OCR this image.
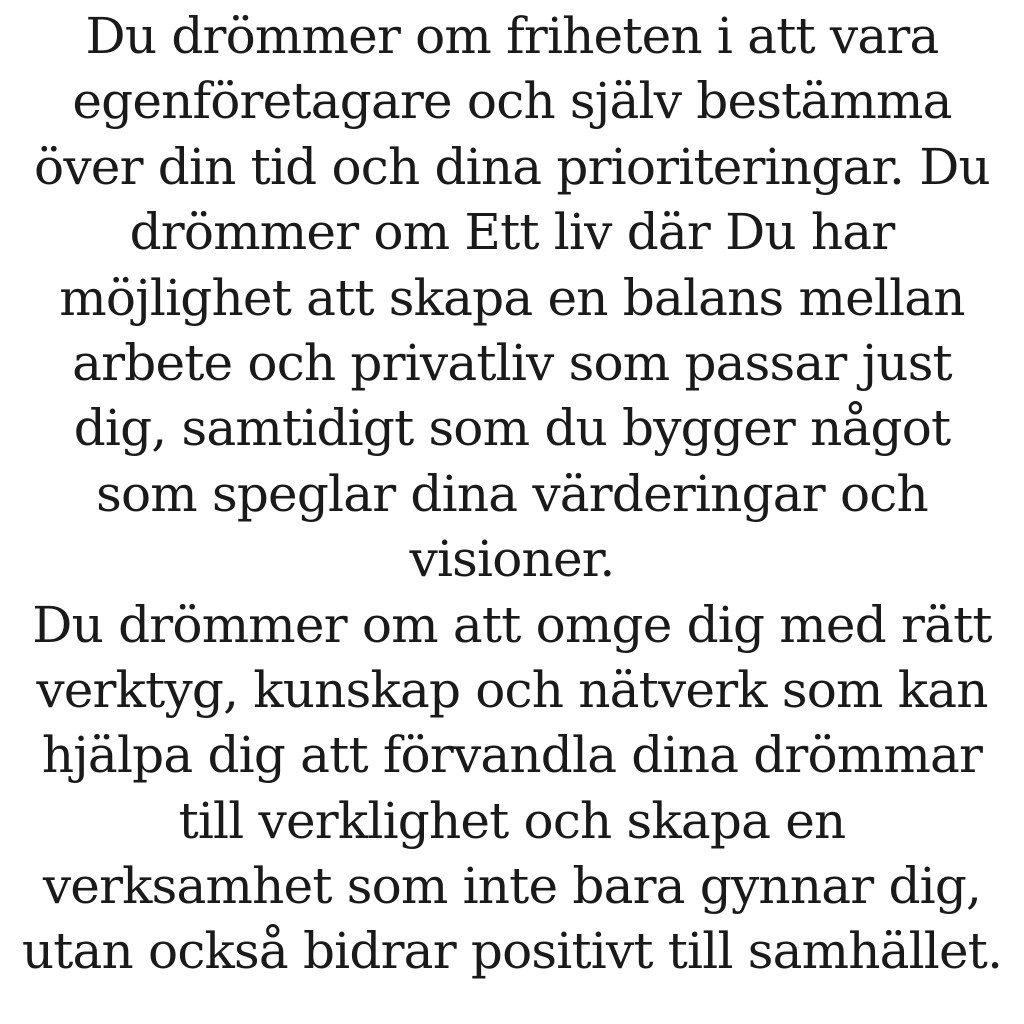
Du drömmer om friheten i att vara
egenföretagare och själv bestämma
över din tid och dina prioriteringar. Du
drömmer om Ett liv där Du har
möjlighet att skapa en balans mellan
arbete och privatliv som passar just
dig, samtidigt som du bygger något
som speglar dina värderingar och
visioner.
Du drömmer om att omge dig med rätt
verktyg, kunskap och nätverk som kan
hjälpa dig att förvandla dina drömmar
till verklighet och skapa en
verksamhet som inte bara gynnar dig,
utan också bidrar positivt till samhället.
